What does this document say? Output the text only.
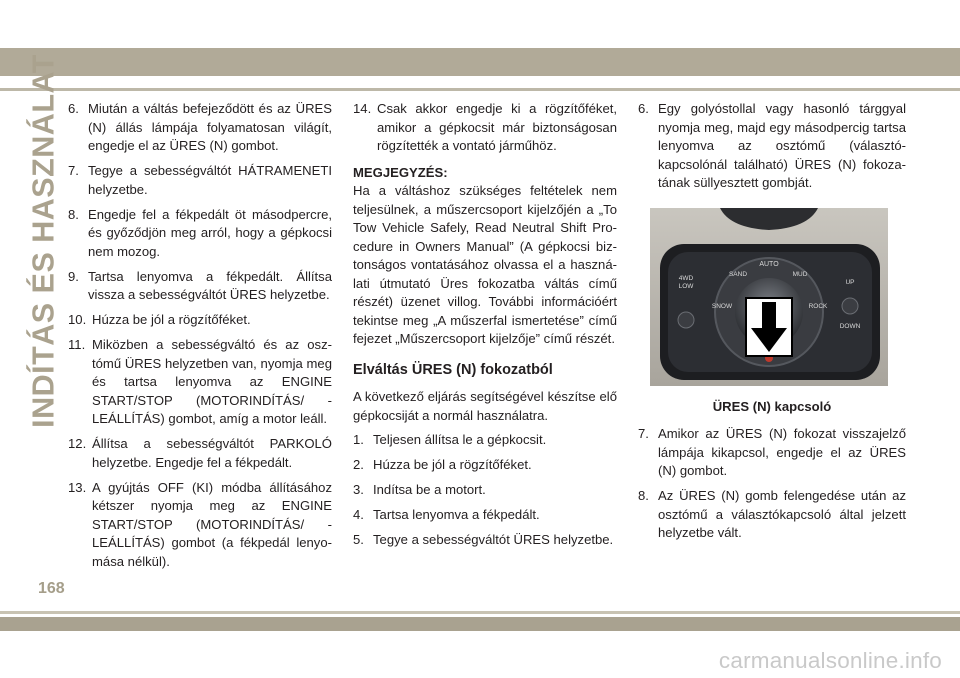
INDÍTÁS ÉS HASZNÁLAT
168
6. Miután a váltás befejeződött és az ÜRES (N) állás lámpája folyamatosan világít, engedje el az ÜRES (N) gombot.
7. Tegye a sebességváltót HÁTRAMENETI helyzetbe.
8. Engedje fel a fékpedált öt másodpercre, és győződjön meg arról, hogy a gépkocsi nem mozog.
9. Tartsa lenyomva a fékpedált. Állítsa vissza a sebességváltót ÜRES helyzetbe.
10. Húzza be jól a rögzítőféket.
11. Miközben a sebességváltó és az osztómű ÜRES helyzetben van, nyomja meg és tartsa lenyomva az ENGINE START/STOP (MOTORINDÍTÁS/ -LEÁLLÍTÁS) gombot, amíg a motor leáll.
12. Állítsa a sebességváltót PARKOLÓ helyzetbe. Engedje fel a fékpedált.
13. A gyújtás OFF (KI) módba állításához kétszer nyomja meg az ENGINE START/STOP (MOTORINDÍTÁS/ -LEÁLLÍTÁS) gombot (a fékpedál lenyomása nélkül).
14. Csak akkor engedje ki a rögzítőféket, amikor a gépkocsit már biztonságosan rögzítették a vontató járműhöz.
MEGJEGYZÉS:
Ha a váltáshoz szükséges feltételek nem teljesülnek, a műszercsoport kijelzőjén a „To Tow Vehicle Safely, Read Neutral Shift Procedure in Owners Manual” (A gépkocsi biztonságos vontatásához olvassa el a használati útmutató Üres fokozatba váltás című részét) üzenet villog. További információért tekintse meg „A műszerfal ismertetése” című fejezet „Műszercsoport kijelzője” című részét.
Elváltás ÜRES (N) fokozatból
A következő eljárás segítségével készítse elő gépkocsiját a normál használatra.
1. Teljesen állítsa le a gépkocsit.
2. Húzza be jól a rögzítőféket.
3. Indítsa be a motort.
4. Tartsa lenyomva a fékpedált.
5. Tegye a sebességváltót ÜRES helyzetbe.
6. Egy golyóstollal vagy hasonló tárggyal nyomja meg, majd egy másodpercig tartsa lenyomva az osztómű (választókapcsolónál található) ÜRES (N) fokozatának süllyesztett gombját.
AUTO
SAND	MUD
SNOW	ROCK
4WD
LOW
UP
DOWN
ÜRES (N) kapcsoló
7. Amikor az ÜRES (N) fokozat visszajelző lámpája kikapcsol, engedje el az ÜRES (N) gombot.
8. Az ÜRES (N) gomb felengedése után az osztómű a választókapcsoló által jelzett helyzetbe vált.
carmanualsonline.info
